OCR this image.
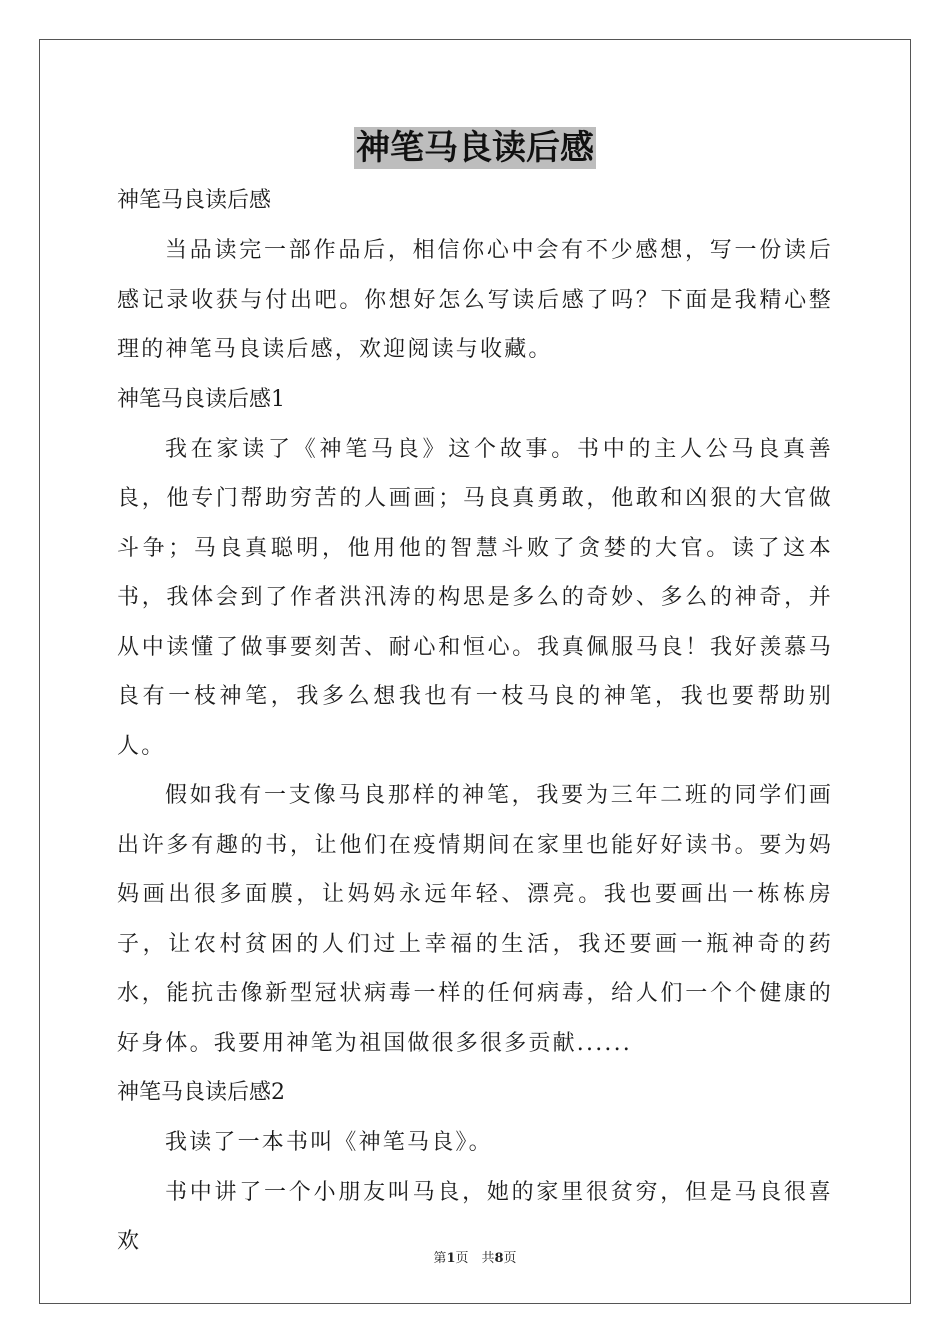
神笔马良读后感
神笔马良读后感

当品读完一部作品后，相信你心中会有不少感想，写一份读后感记录收获与付出吧。你想好怎么写读后感了吗？下面是我精心整理的神笔马良读后感，欢迎阅读与收藏。

神笔马良读后感1

我在家读了《神笔马良》这个故事。书中的主人公马良真善良，他专门帮助穷苦的人画画；马良真勇敢，他敢和凶狠的大官做斗争；马良真聪明，他用他的智慧斗败了贪婪的大官。读了这本书，我体会到了作者洪汛涛的构思是多么的奇妙、多么的神奇，并从中读懂了做事要刻苦、耐心和恒心。我真佩服马良！我好羡慕马良有一枝神笔，我多么想我也有一枝马良的神笔，我也要帮助别人。

假如我有一支像马良那样的神笔，我要为三年二班的同学们画出许多有趣的书，让他们在疫情期间在家里也能好好读书。要为妈妈画出很多面膜，让妈妈永远年轻、漂亮。我也要画出一栋栋房子，让农村贫困的人们过上幸福的生活，我还要画一瓶神奇的药水，能抗击像新型冠状病毒一样的任何病毒，给人们一个个健康的好身体。我要用神笔为祖国做很多很多贡献......

神笔马良读后感2

我读了一本书叫《神笔马良》。

书中讲了一个小朋友叫马良，她的家里很贫穷，但是马良很喜欢

第1页　共8页
